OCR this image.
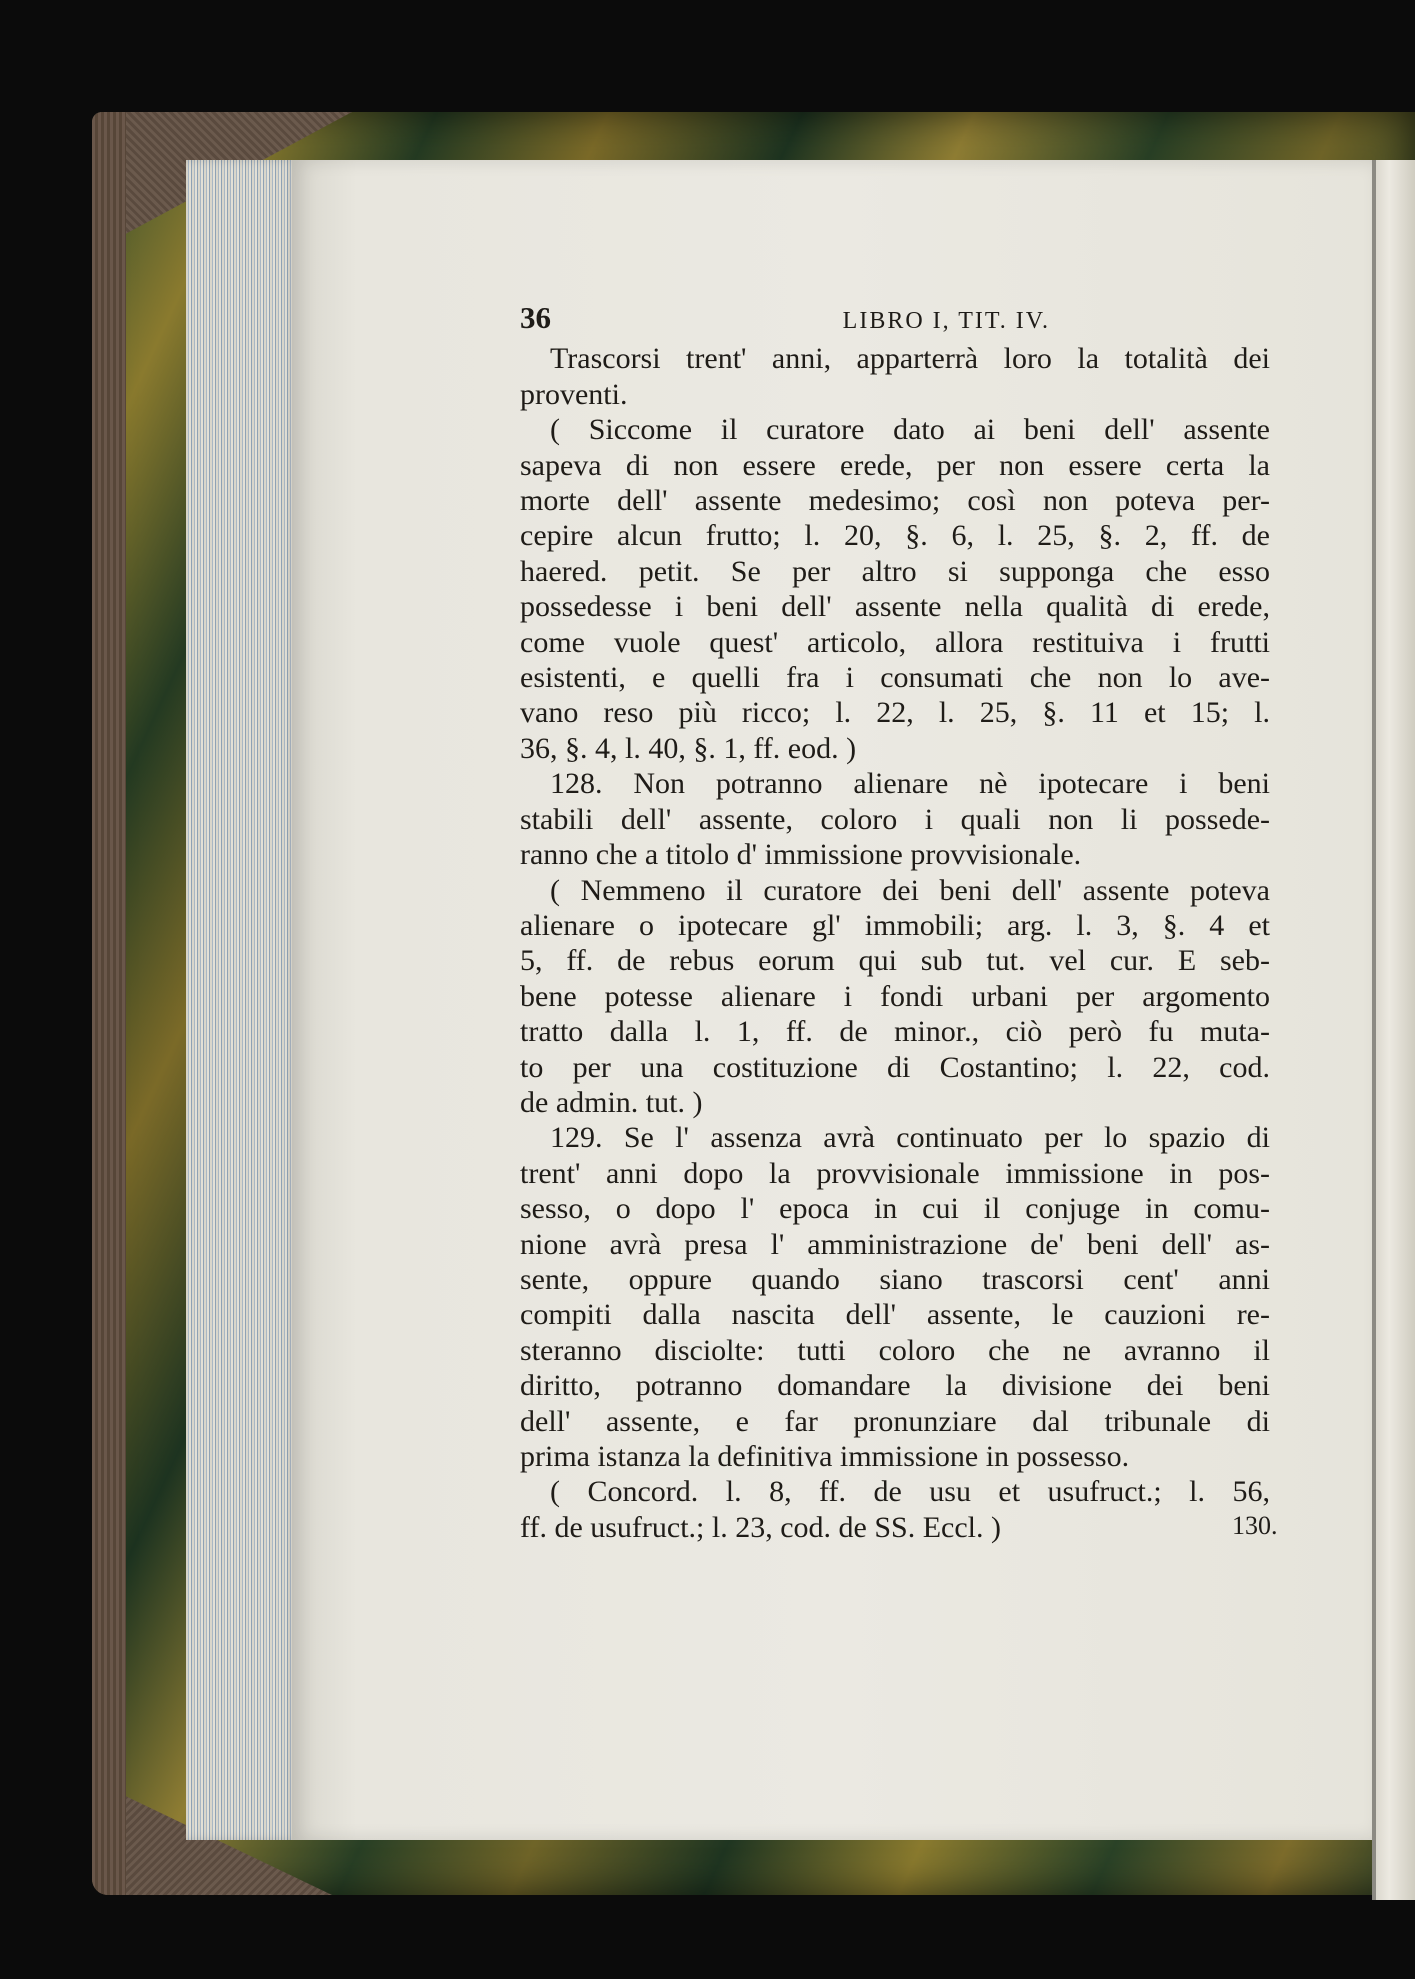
36	LIBRO I, TIT. IV.
Trascorsi trent' anni, apparterrà loro la totalità dei
proventi.
( Siccome il curatore dato ai beni dell' assente
sapeva di non essere erede, per non essere certa la
morte dell' assente medesimo; così non poteva per-
cepire alcun frutto; l. 20, §. 6, l. 25, §. 2, ff. de
haered. petit. Se per altro si supponga che esso
possedesse i beni dell' assente nella qualità di erede,
come vuole quest' articolo, allora restituiva i frutti
esistenti, e quelli fra i consumati che non lo ave-
vano reso più ricco; l. 22, l. 25, §. 11 et 15; l.
36, §. 4, l. 40, §. 1, ff. eod. )
128. Non potranno alienare nè ipotecare i beni
stabili dell' assente, coloro i quali non li possede-
ranno che a titolo d' immissione provvisionale.
( Nemmeno il curatore dei beni dell' assente poteva
alienare o ipotecare gl' immobili; arg. l. 3, §. 4 et
5, ff. de rebus eorum qui sub tut. vel cur. E seb-
bene potesse alienare i fondi urbani per argomento
tratto dalla l. 1, ff. de minor., ciò però fu muta-
to per una costituzione di Costantino; l. 22, cod.
de admin. tut. )
129. Se l' assenza avrà continuato per lo spazio di
trent' anni dopo la provvisionale immissione in pos-
sesso, o dopo l' epoca in cui il conjuge in comu-
nione avrà presa l' amministrazione de' beni dell' as-
sente, oppure quando siano trascorsi cent' anni
compiti dalla nascita dell' assente, le cauzioni re-
steranno disciolte: tutti coloro che ne avranno il
diritto, potranno domandare la divisione dei beni
dell' assente, e far pronunziare dal tribunale di
prima istanza la definitiva immissione in possesso.
( Concord. l. 8, ff. de usu et usufruct.; l. 56,
ff. de usufruct.; l. 23, cod. de SS. Eccl. )	130.
